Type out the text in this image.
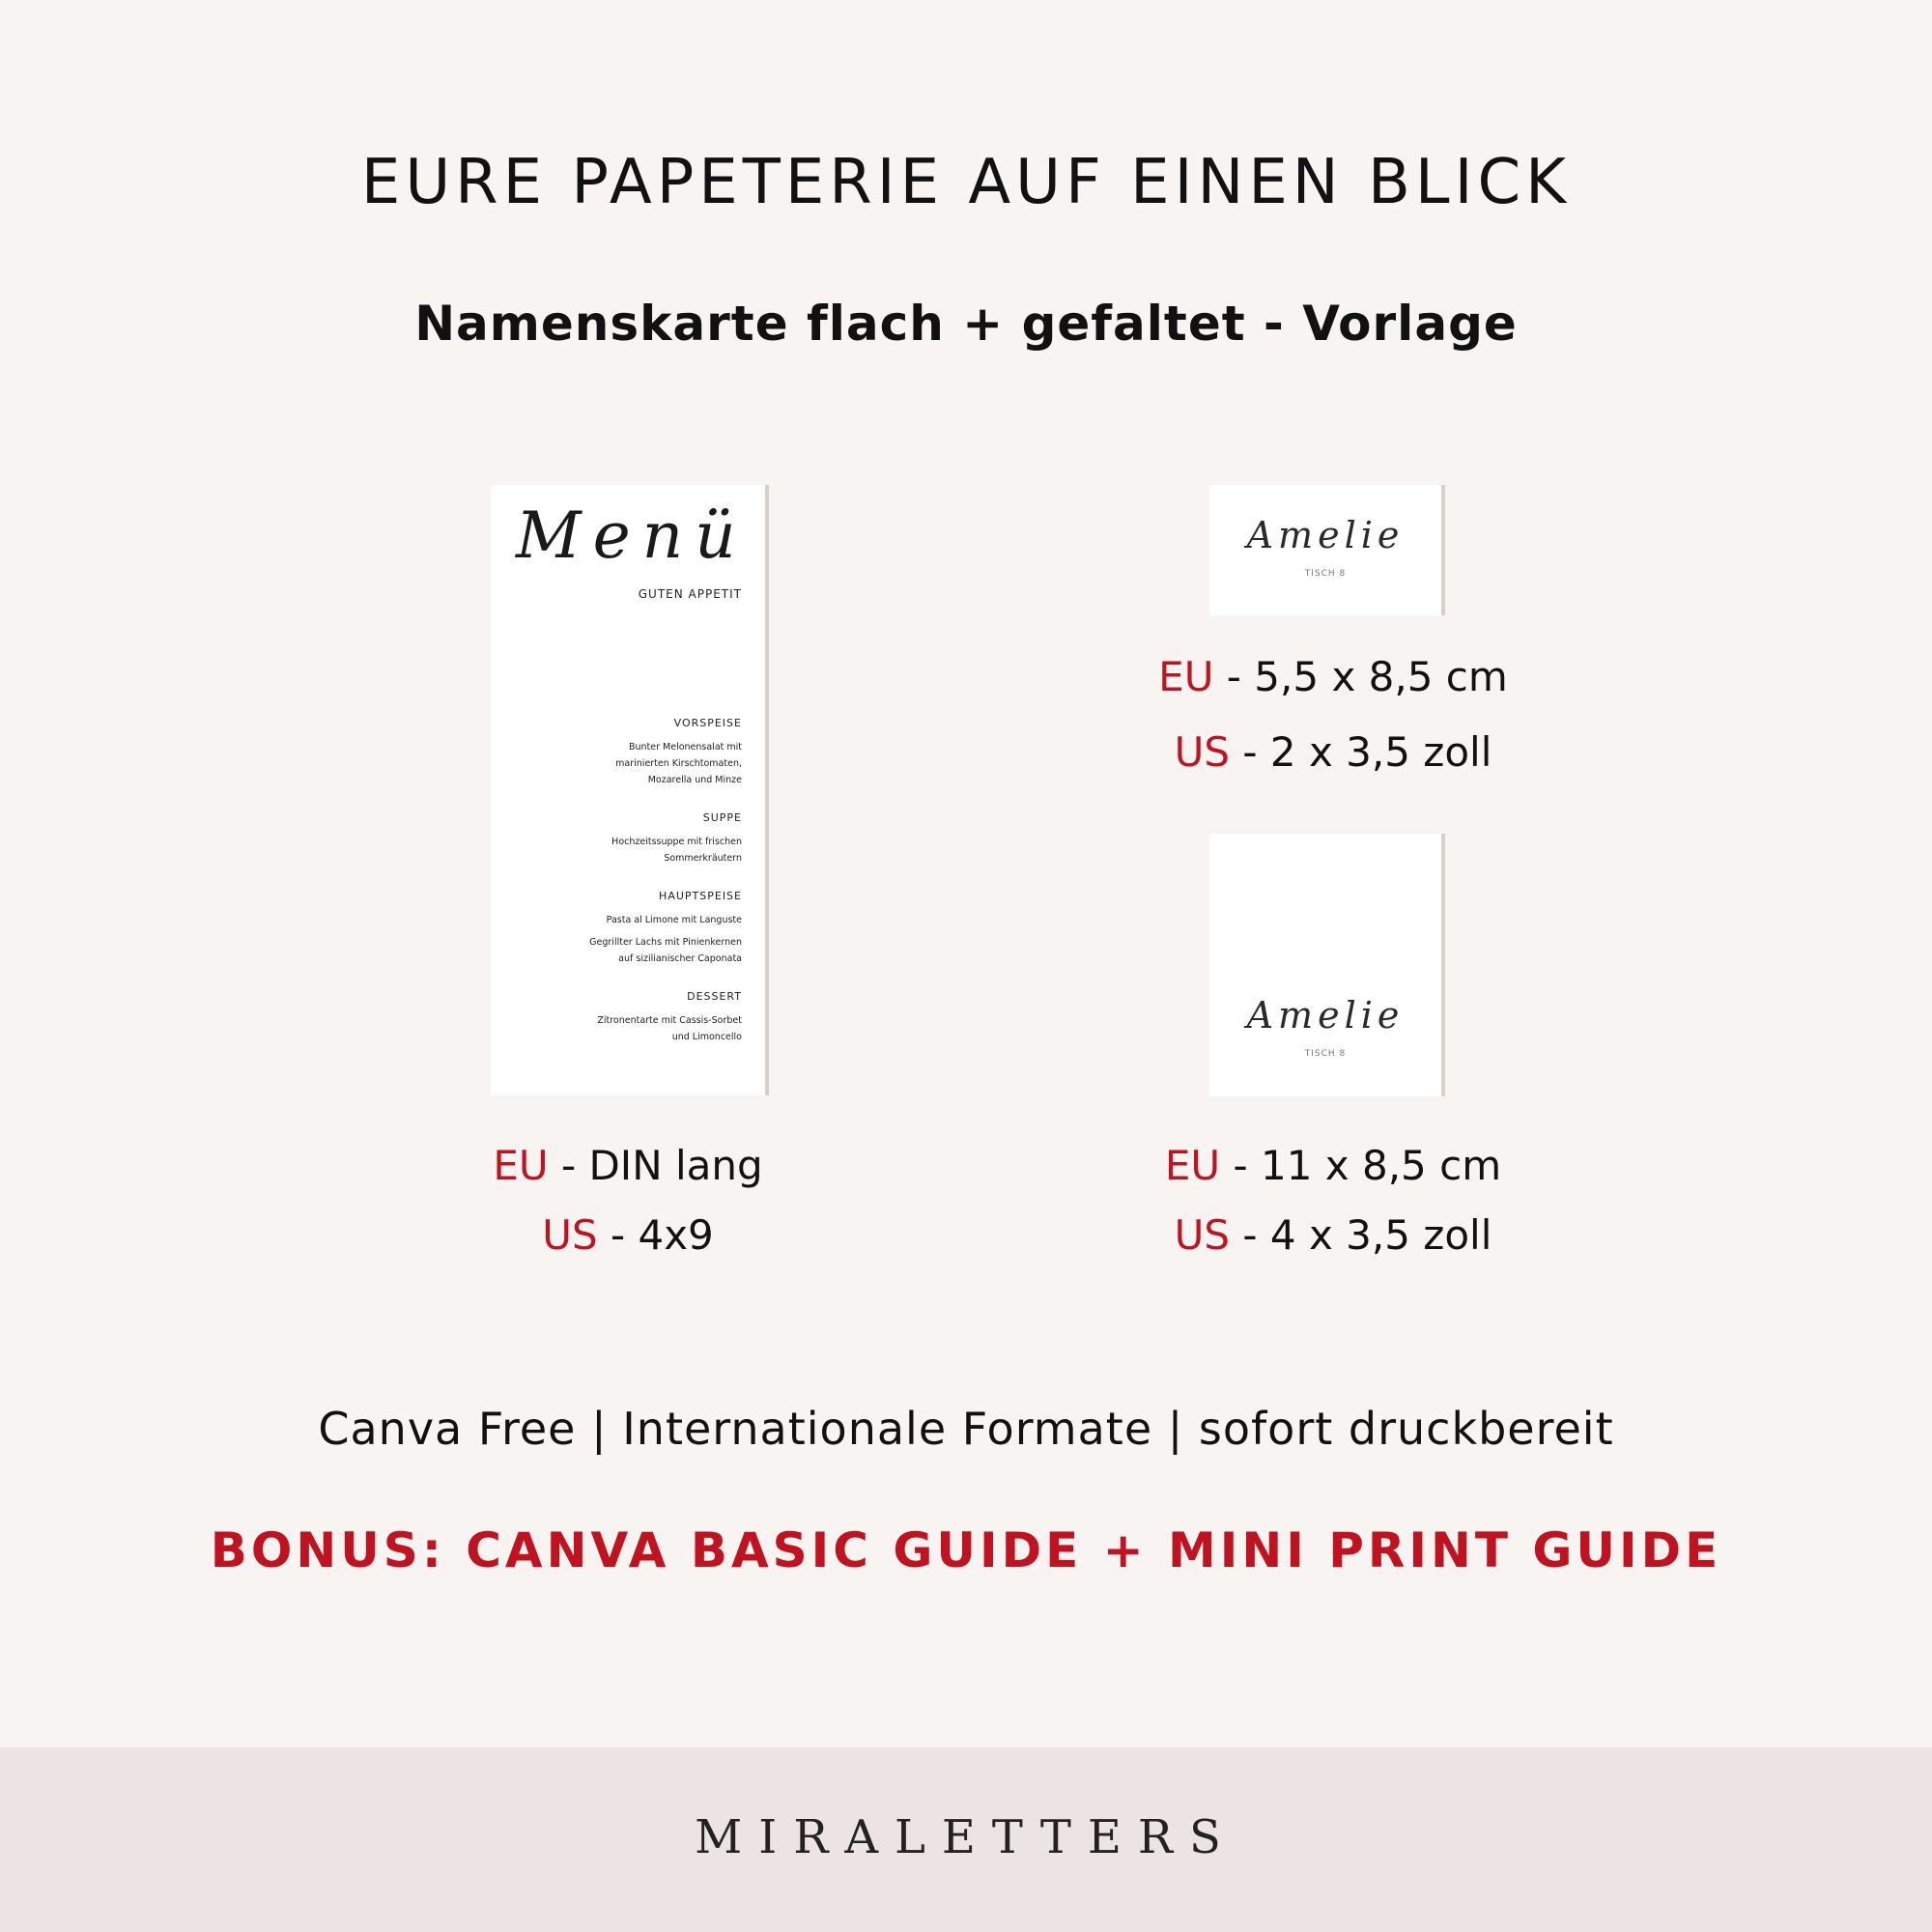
EURE PAPETERIE AUF EINEN BLICK
Namenskarte flach + gefaltet - Vorlage
Menü
GUTEN APPETIT

VORSPEISE

Bunter Melonensalat mit

marinierten Kirschtomaten,

Mozarella und Minze

SUPPE

Hochzeitssuppe mit frischen

Sommerkräutern

HAUPTSPEISE

Pasta al Limone mit Languste

Gegrillter Lachs mit Pinienkernen

auf sizilianischer Caponata

DESSERT

Zitronentarte mit Cassis-Sorbet

und Limoncello

Amelie
TISCH 8
Amelie
TISCH 8
EU - 5,5 x 8,5 cm
US - 2 x 3,5 zoll
EU - DIN lang
US - 4x9
EU - 11 x 8,5 cm
US - 4 x 3,5 zoll
Canva Free | Internationale Formate | sofort druckbereit
BONUS: CANVA BASIC GUIDE + MINI PRINT GUIDE
MIRALETTERS
